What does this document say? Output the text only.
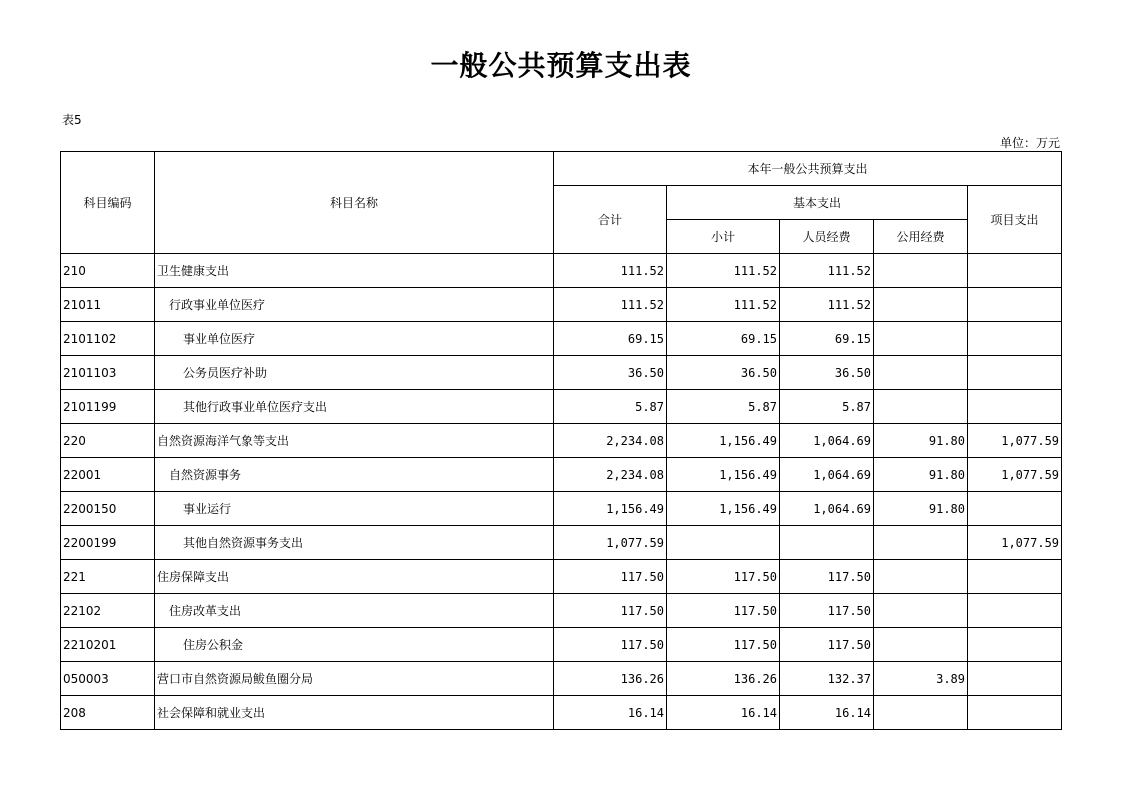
一般公共预算支出表
表5
单位：万元
科目编码	科目名称	本年一般公共预算支出				
		合计	基本支出			项目支出
			小计	人员经费	公用经费	
210	卫生健康支出	111.52	111.52	111.52		
21011	行政事业单位医疗	111.52	111.52	111.52		
2101102	事业单位医疗	69.15	69.15	69.15		
2101103	公务员医疗补助	36.50	36.50	36.50		
2101199	其他行政事业单位医疗支出	5.87	5.87	5.87		
220	自然资源海洋气象等支出	2,234.08	1,156.49	1,064.69	91.80	1,077.59
22001	自然资源事务	2,234.08	1,156.49	1,064.69	91.80	1,077.59
2200150	事业运行	1,156.49	1,156.49	1,064.69	91.80	
2200199	其他自然资源事务支出	1,077.59				1,077.59
221	住房保障支出	117.50	117.50	117.50		
22102	住房改革支出	117.50	117.50	117.50		
2210201	住房公积金	117.50	117.50	117.50		
050003	营口市自然资源局鲅鱼圈分局	136.26	136.26	132.37	3.89	
208	社会保障和就业支出	16.14	16.14	16.14		
